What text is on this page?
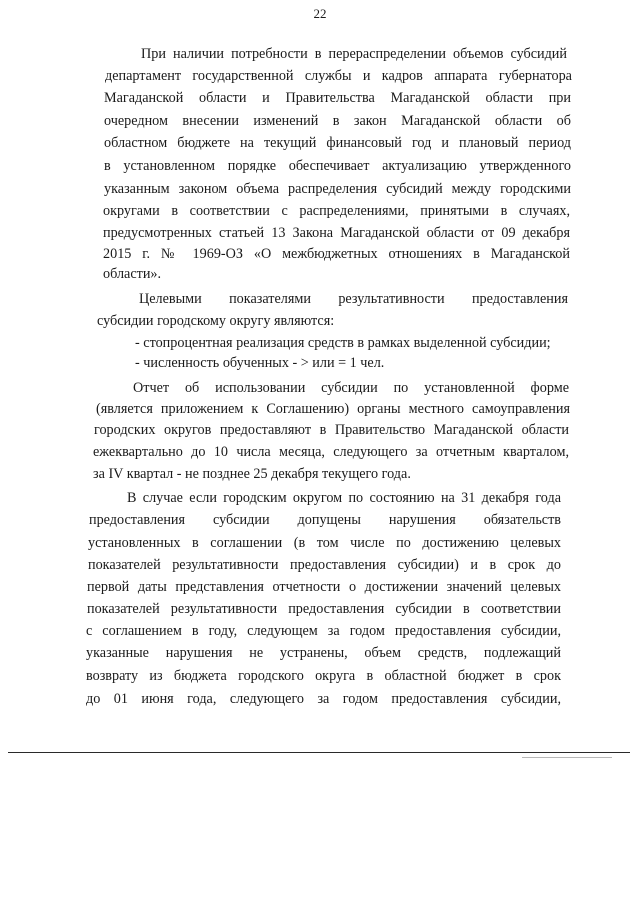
22
При наличии потребности в перераспределении объемов субсидий
департамент государственной службы и кадров аппарата губернатора
Магаданской области и Правительства Магаданской области при
очередном внесении изменений в закон Магаданской области об
областном бюджете на текущий финансовый год и плановый период
в установленном порядке обеспечивает актуализацию утвержденного
указанным законом объема распределения субсидий между городскими
округами в соответствии с распределениями, принятыми в случаях,
предусмотренных статьей 13 Закона Магаданской области от 09 декабря
2015 г. № 1969-ОЗ «О межбюджетных отношениях в Магаданской
области».
Целевыми показателями результативности предоставления
субсидии городскому округу являются:
- стопроцентная реализация средств в рамках выделенной субсидии;
- численность обученных - > или = 1 чел.
Отчет об использовании субсидии по установленной форме
(является приложением к Соглашению) органы местного самоуправления
городских округов предоставляют в Правительство Магаданской области
ежеквартально до 10 числа месяца, следующего за отчетным кварталом,
за IV квартал - не позднее 25 декабря текущего года.
В случае если городским округом по состоянию на 31 декабря года
предоставления субсидии допущены нарушения обязательств
установленных в соглашении (в том числе по достижению целевых
показателей результативности предоставления субсидии) и в срок до
первой даты представления отчетности о достижении значений целевых
показателей результативности предоставления субсидии в соответствии
с соглашением в году, следующем за годом предоставления субсидии,
указанные нарушения не устранены, объем средств, подлежащий
возврату из бюджета городского округа в областной бюджет в срок
до 01 июня года, следующего за годом предоставления субсидии,
